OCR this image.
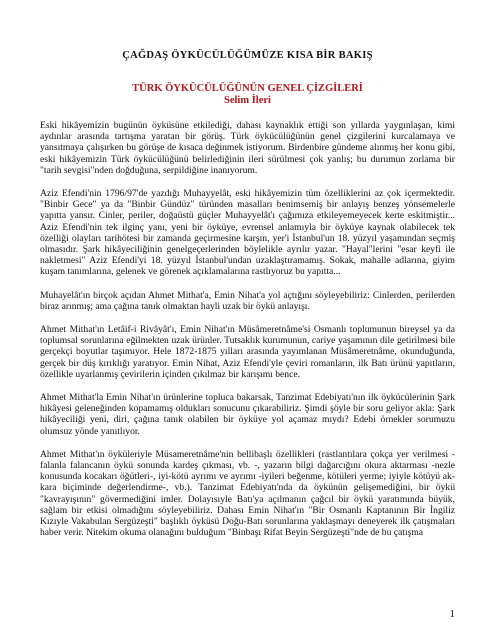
ÇAĞDAŞ ÖYKÜCÜLÜĞÜMÜZE KISA BİR BAKIŞ

TÜRK ÖYKÜCÜLÜĞÜNÜN GENEL ÇİZGİLERİ

Selim İleri

Eski hikâyemizin bugünün öyküsüne etkilediği, dahası kaynaklık ettiği son yıllarda yaygınlaşan, kimi aydınlar arasında tartışma yaratan bir görüş. Türk öykücülüğünün genel çizgilerini kurcalamaya ve yansıtmaya çalışırken bu görüşe de kısaca değinmek istiyorum. Birdenbire gündeme alınmış her konu gibi, eski hikâyemizin Türk öykücülüğünü belirlediğinin ileri sürülmesi çok yanlış; bu durumun zorlama bir "tarih sevgisi"nden doğduğuna, serpildiğine inanıyorum.

Aziz Efendi'nin 1796/97'de yazdığı Muhayyelât, eski hikâyemizin tüm özelliklerini az çok içermektedir. "Binbir Gece" ya da "Binbir Gündüz" türünden masalları benimsemiş bir anlayış benzeş yönsemelerle yapıtta yansır. Cinler, periler, doğaüstü güçler Muhayyelât'ı çağımıza etkileyemeyecek kerte eskitmiştir... Aziz Efendi'nin tek ilginç yanı, yeni bir öyküye, evrensel anlamıyla bir öyküye kaynak olabilecek tek özelliği olayları tarihötesi bir zamanda geçirmesine karşın, yer'i İstanbul'un 18. yüzyıl yaşamından seçmiş olmasıdır. Şark hikâyeciliğinin genelgeçerlerinden böylelikle ayrılır yazar. "Hayal"lerini "esar keyfi ile nakletmesi" Aziz Efendi'yi 18. yüzyıl İstanbul'undan uzaklaştıramamış. Sokak, mahalle adlarına, giyim kuşam tanımlarına, gelenek ve görenek açıklamalarına rastlıyoruz bu yapıtta...

Muhayelât'ın birçok açıdan Ahmet Mithat'a, Emin Nihat'a yol açtığını söyleyebiliriz: Cinlerden, perilerden biraz arınmış; ama çağına tanık olmaktan hayli uzak bir öykü anlayışı.

Ahmet Mithat'ın Letâif-i Rivâyât'ı, Emin Nihat'ın Müsâmeretnâme'si Osmanlı toplumunun bireysel ya da toplumsal sorunlarına eğilmekten uzak ürünler. Tutsaklık kurumunun, cariye yaşamının dile getirilmesi bile gerçekçi boyutlar taşımıyor. Hele 1872-1875 yılları arasında yayımlanan Müsâmeretnâme, okunduğunda, gerçek bir düş kırıklığı yaratıyor. Emin Nihat, Aziz Efendi'yle çeviri romanların, ilk Batı ürünü yapıtların, özellikle uyarlanmış çevirilerin içinden çıkılmaz bir karışımı bence.

Ahmet Mithat'la Emin Nihat'ın ürünlerine topluca bakarsak, Tanzimat Edebiyatı'nın ilk öykücülerinin Şark hikâyesi geleneğinden kopamamış oldukları sonucunu çıkarabiliriz. Şimdi şöyle bir soru geliyor akla: Şark hikâyeciliği yeni, diri, çağına tanık olabilen bir öyküye yol açamaz mıydı? Edebi örnekler sorumuzu olumsuz yönde yanıtlıyor.

Ahmet Mithat'ın öyküleriyle Müsameretnâme'nin bellibaşlı özellikleri (rastlantılara çokça yer verilmesi -falanla falancanın öykü sonunda kardeş çıkması, vb. -, yazarın bilgi dağarcığını okura aktarması -nezle konusunda kocakarı öğütleri-, iyi-kötü ayrımı ve ayrımı -iyileri beğenme, kötüleri yerme; iyiyle kötüyü ak-kara biçiminde değerlendirme-, vb.). Tanzimat Edebiyatı'nda da öykünün gelişemediğini, bir öykü "kavrayışının" gövermediğini imler. Dolayısıyle Batı'ya açılmanın çağcıl bir öykü yaratımında büyük, sağlam bir etkisi olmadığını söyleyebiliriz. Dahası Emin Nihat'ın "Bir Osmanlı Kaptanının Bir İngiliz Kızıyle Vakabulan Sergüzeşti" başlıklı öyküsü Doğu-Batı sorunlarına yaklaşmayı deneyerek ilk çatışmaları haber verir. Nitekim okuma olanağını bulduğum "Binbaşı Rifat Beyin Sergüzeşti"nde de bu çatışma

1
